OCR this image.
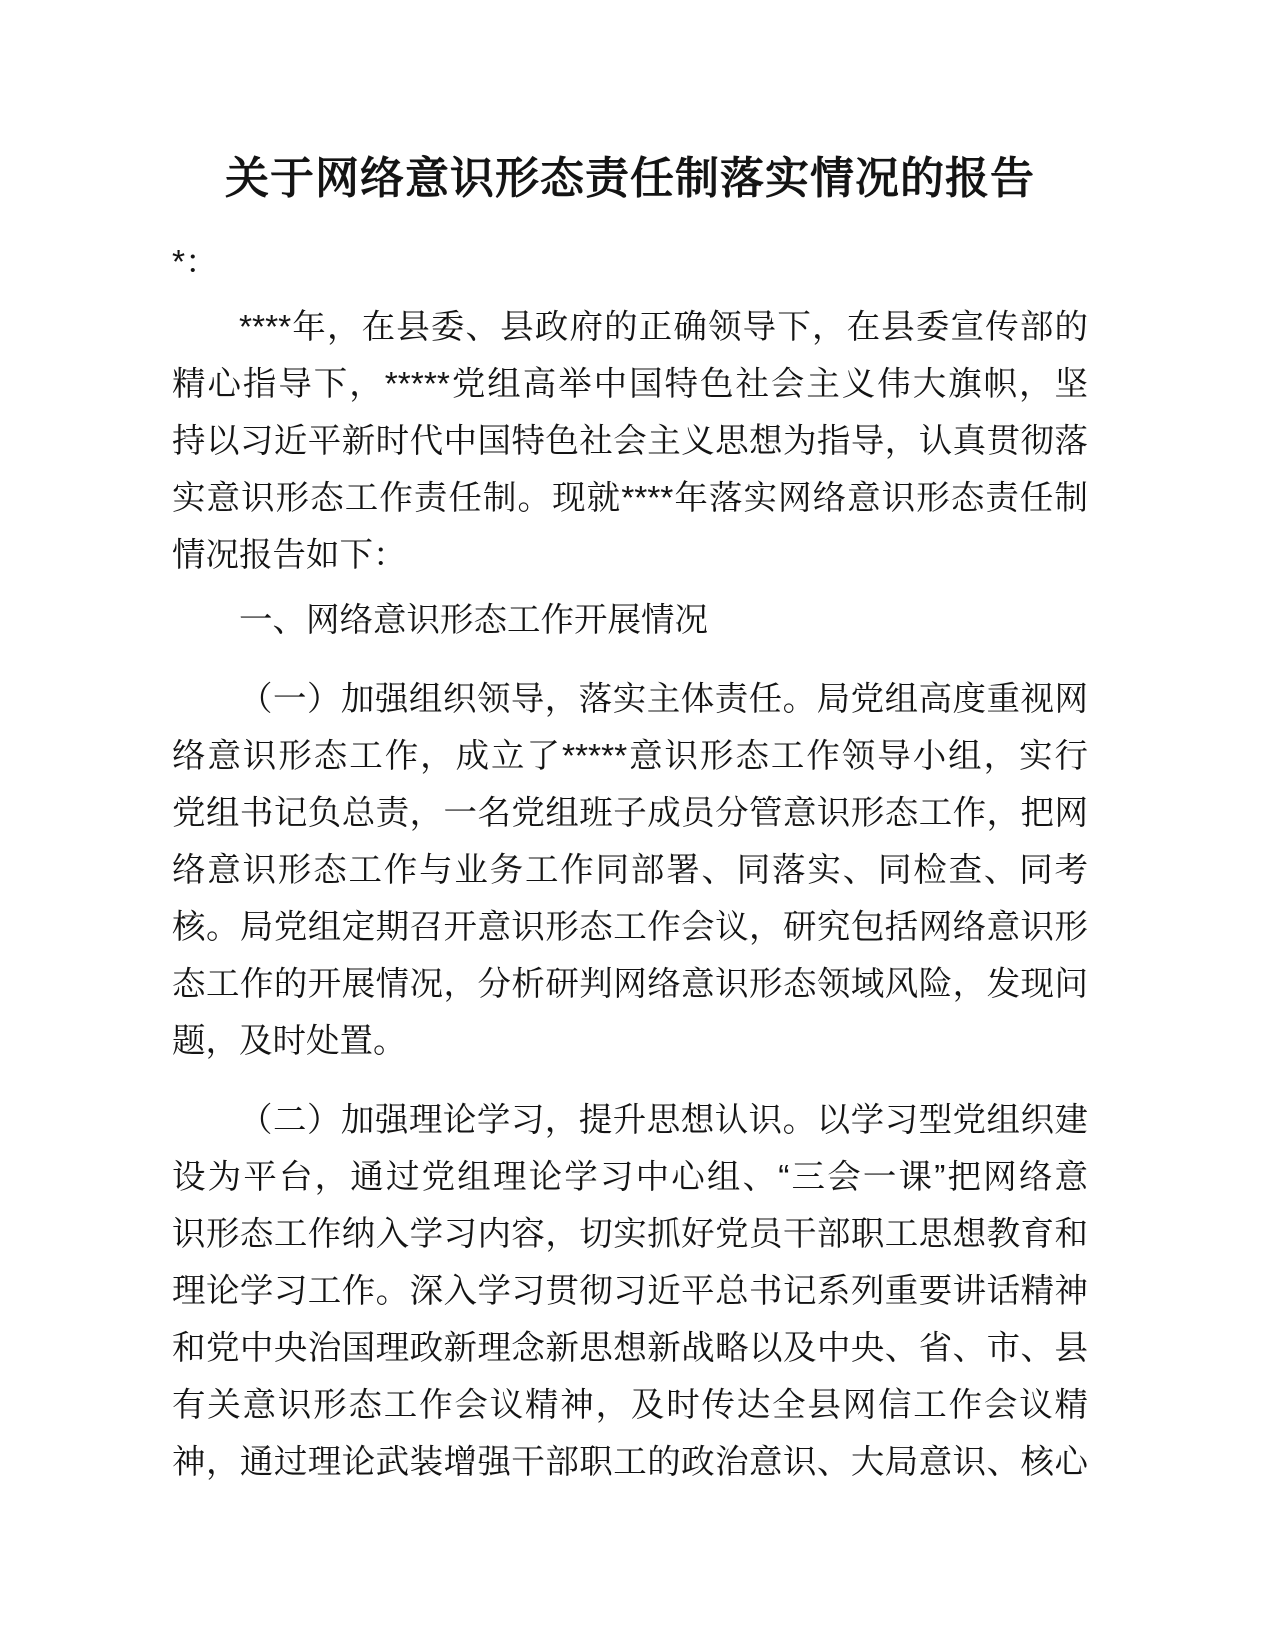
关于网络意识形态责任制落实情况的报告
*：
****年，在县委、县政府的正确领导下，在县委宣传部的
精心指导下，*****党组高举中国特色社会主义伟大旗帜，坚
持以习近平新时代中国特色社会主义思想为指导，认真贯彻落
实意识形态工作责任制。现就****年落实网络意识形态责任制
情况报告如下：
一、网络意识形态工作开展情况
（一）加强组织领导，落实主体责任。局党组高度重视网
络意识形态工作，成立了*****意识形态工作领导小组，实行
党组书记负总责，一名党组班子成员分管意识形态工作，把网
络意识形态工作与业务工作同部署、同落实、同检查、同考
核。局党组定期召开意识形态工作会议，研究包括网络意识形
态工作的开展情况，分析研判网络意识形态领域风险，发现问
题，及时处置。
（二）加强理论学习，提升思想认识。以学习型党组织建
设为平台，通过党组理论学习中心组、“三会一课”把网络意
识形态工作纳入学习内容，切实抓好党员干部职工思想教育和
理论学习工作。深入学习贯彻习近平总书记系列重要讲话精神
和党中央治国理政新理念新思想新战略以及中央、省、市、县
有关意识形态工作会议精神，及时传达全县网信工作会议精
神，通过理论武装增强干部职工的政治意识、大局意识、核心
